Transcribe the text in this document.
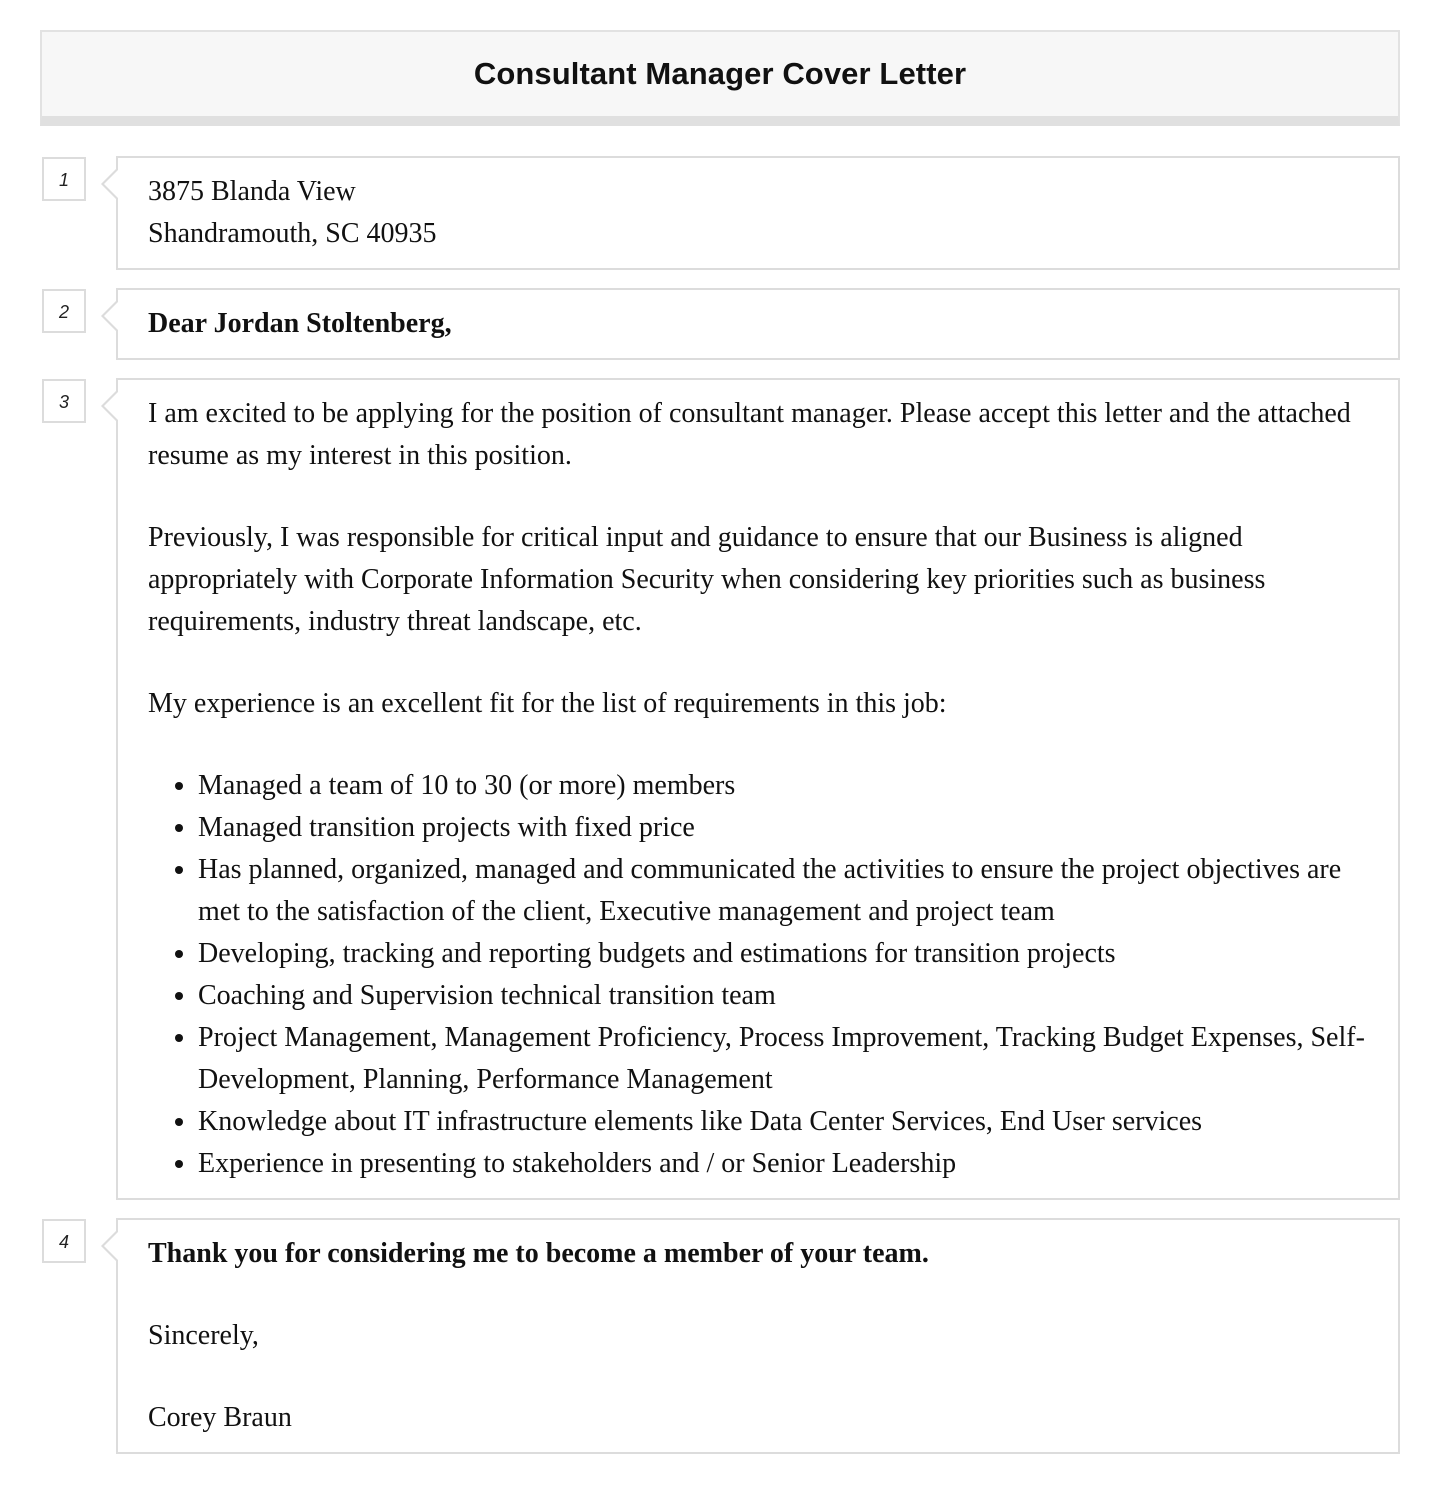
Consultant Manager Cover Letter
1	3875 Blanda View

Shandramouth, SC 40935

2	Dear Jordan Stoltenberg,

3	I am excited to be applying for the position of consultant manager. Please accept this letter and the attached resume as my interest in this position.

Previously, I was responsible for critical input and guidance to ensure that our Business is aligned appropriately with Corporate Information Security when considering key priorities such as business requirements, industry threat landscape, etc.

My experience is an excellent fit for the list of requirements in this job:

• Managed a team of 10 to 30 (or more) members
• Managed transition projects with fixed price
• Has planned, organized, managed and communicated the activities to ensure the project objectives are met to the satisfaction of the client, Executive management and project team
• Developing, tracking and reporting budgets and estimations for transition projects
• Coaching and Supervision technical transition team
• Project Management, Management Proficiency, Process Improvement, Tracking Budget Expenses, Self-Development, Planning, Performance Management
• Knowledge about IT infrastructure elements like Data Center Services, End User services
• Experience in presenting to stakeholders and / or Senior Leadership
4	Thank you for considering me to become a member of your team.

Sincerely,

Corey Braun
